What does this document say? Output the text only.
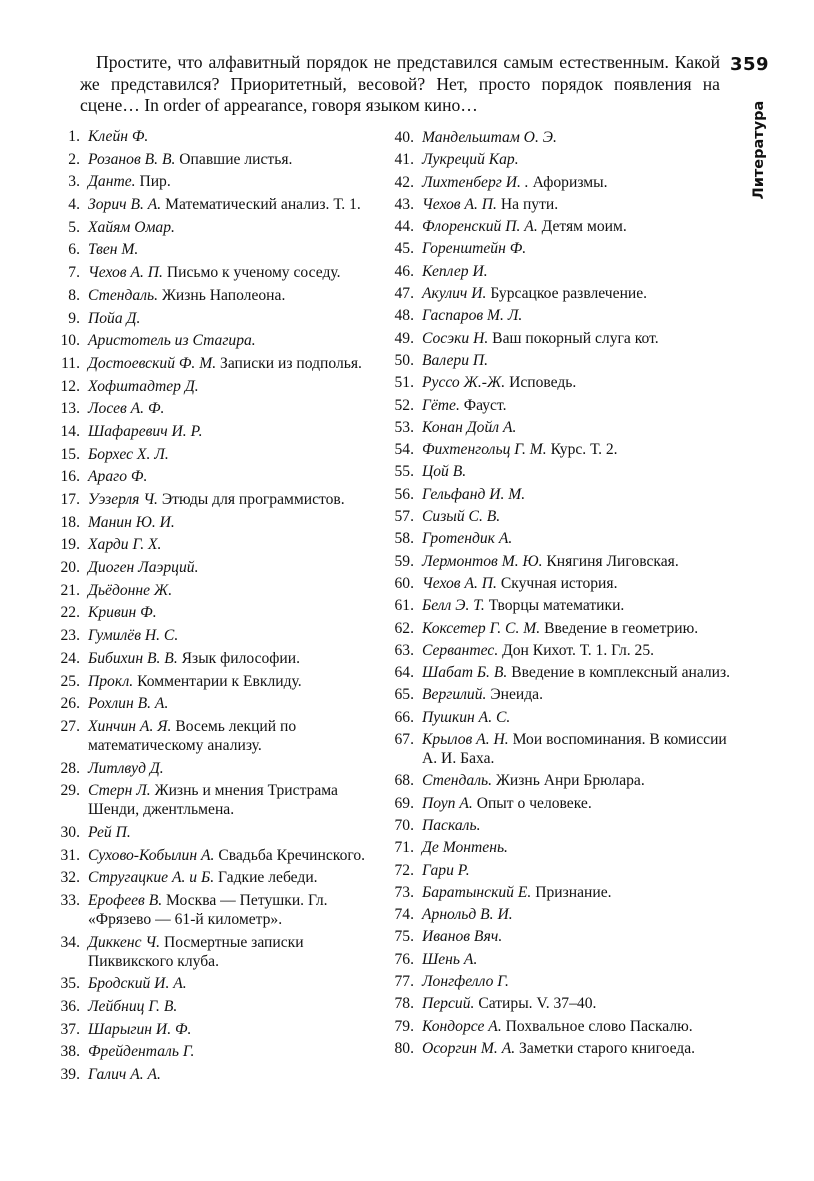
Простите, что алфавитный порядок не представился самым естественным. Какой же представился? Приоритетный, весовой? Нет, просто порядок появления на сцене… In order of appearance, говоря языком кино…

359
Литература
1. Клейн Ф.
2. Розанов В. В. Опавшие листья.
3. Данте. Пир.
4. Зорич В. А. Математический анализ. Т. 1.
5. Хайям Омар.
6. Твен М.
7. Чехов А. П. Письмо к ученому соседу.
8. Стендаль. Жизнь Наполеона.
9. Пойа Д.
10. Аристотель из Стагира.
11. Достоевский Ф. М. Записки из подполья.
12. Хофштадтер Д.
13. Лосев А. Ф.
14. Шафаревич И. Р.
15. Борхес Х. Л.
16. Араго Ф.
17. Уэзерля Ч. Этюды для программистов.
18. Манин Ю. И.
19. Харди Г. Х.
20. Диоген Лаэрций.
21. Дьёдонне Ж.
22. Кривин Ф.
23. Гумилёв Н. С.
24. Бибихин В. В. Язык философии.
25. Прокл. Комментарии к Евклиду.
26. Рохлин В. А.
27. Хинчин А. Я. Восемь лекций по математическому анализу.
28. Литлвуд Д.
29. Стерн Л. Жизнь и мнения Тристрама Шенди, джентльмена.
30. Рей П.
31. Сухово-Кобылин А. Свадьба Кречинского.
32. Стругацкие А. и Б. Гадкие лебеди.
33. Ерофеев В. Москва — Петушки. Гл. «Фрязево — 61-й километр».
34. Диккенс Ч. Посмертные записки Пиквикского клуба.
35. Бродский И. А.
36. Лейбниц Г. В.
37. Шарыгин И. Ф.
38. Фрейденталь Г.
39. Галич А. А.
40. Мандельштам О. Э.
41. Лукреций Кар.
42. Лихтенберг И. . Афоризмы.
43. Чехов А. П. На пути.
44. Флоренский П. А. Детям моим.
45. Горенштейн Ф.
46. Кеплер И.
47. Акулич И. Бурсацкое развлечение.
48. Гаспаров М. Л.
49. Сосэки Н. Ваш покорный слуга кот.
50. Валери П.
51. Руссо Ж.-Ж. Исповедь.
52. Гёте. Фауст.
53. Конан Дойл А.
54. Фихтенгольц Г. М. Курс. Т. 2.
55. Цой В.
56. Гельфанд И. М.
57. Сизый С. В.
58. Гротендик А.
59. Лермонтов М. Ю. Княгиня Лиговская.
60. Чехов А. П. Скучная история.
61. Белл Э. Т. Творцы математики.
62. Коксетер Г. С. М. Введение в геометрию.
63. Сервантес. Дон Кихот. Т. 1. Гл. 25.
64. Шабат Б. В. Введение в комплексный анализ.
65. Вергилий. Энеида.
66. Пушкин А. С.
67. Крылов А. Н. Мои воспоминания. В комиссии А. И. Баха.
68. Стендаль. Жизнь Анри Брюлара.
69. Поуп А. Опыт о человеке.
70. Паскаль.
71. Де Монтень.
72. Гари Р.
73. Баратынский Е. Признание.
74. Арнольд В. И.
75. Иванов Вяч.
76. Шень А.
77. Лонгфелло Г.
78. Персий. Сатиры. V. 37–40.
79. Кондорсе А. Похвальное слово Паскалю.
80. Осоргин М. А. Заметки старого книгоеда.
